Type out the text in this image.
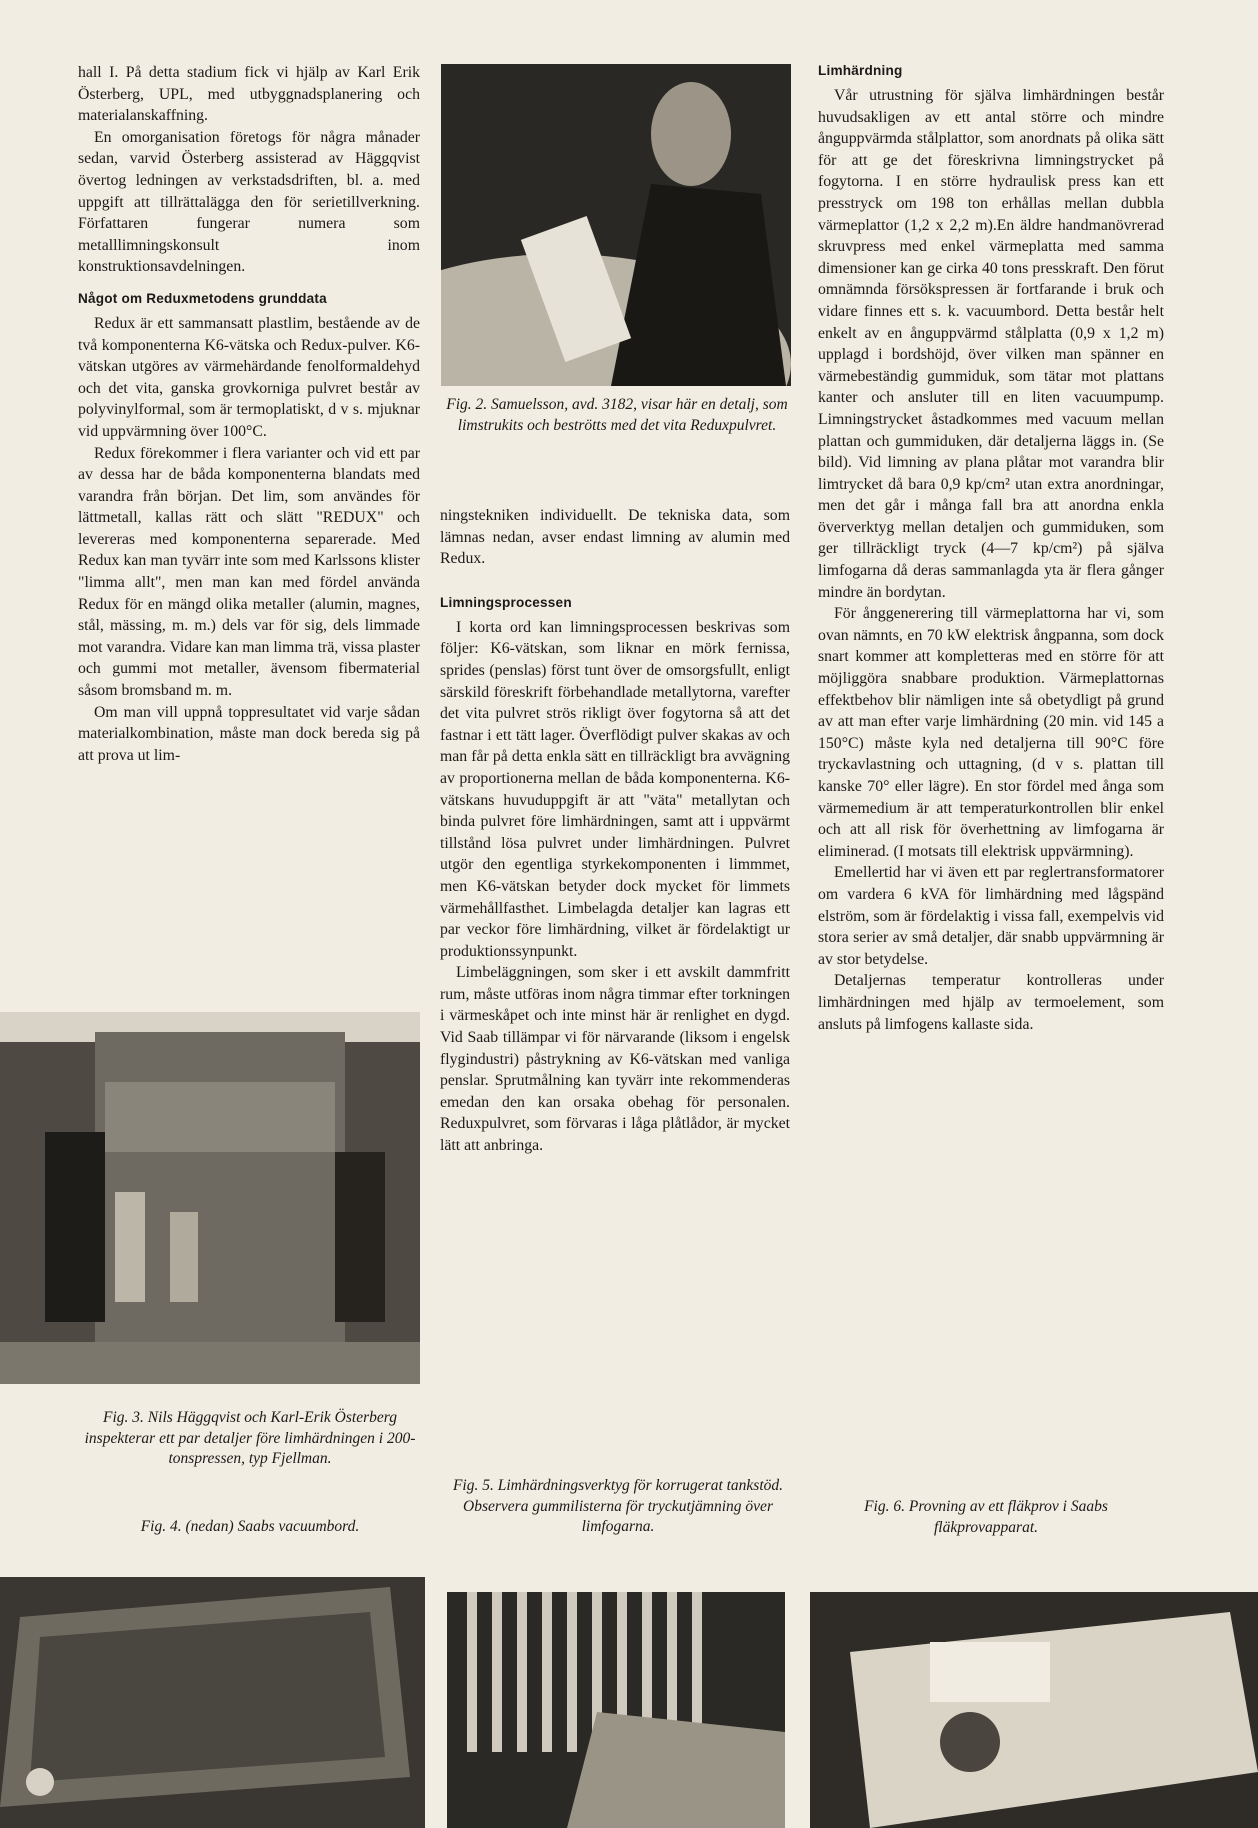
hall I. På detta stadium fick vi hjälp av Karl Erik Österberg, UPL, med utbyggnadsplanering och materialanskaffning.

En omorganisation företogs för några månader sedan, varvid Österberg assisterad av Häggqvist övertog ledningen av verkstadsdriften, bl. a. med uppgift att tillrättalägga den för serietillverkning. Författaren fungerar numera som metalllimningskonsult inom konstruktionsavdelningen.

Något om Reduxmetodens grunddata

Redux är ett sammansatt plastlim, bestående av de två komponenterna K6-vätska och Redux-pulver. K6-vätskan utgöres av värmehärdande fenolformaldehyd och det vita, ganska grovkorniga pulvret består av polyvinylformal, som är termoplatiskt, d v s. mjuknar vid uppvärmning över 100°C.

Redux förekommer i flera varianter och vid ett par av dessa har de båda komponenterna blandats med varandra från början. Det lim, som användes för lättmetall, kallas rätt och slätt "REDUX" och levereras med komponenterna separerade. Med Redux kan man tyvärr inte som med Karlssons klister "limma allt", men man kan med fördel använda Redux för en mängd olika metaller (alumin, magnes, stål, mässing, m. m.) dels var för sig, dels limmade mot varandra. Vidare kan man limma trä, vissa plaster och gummi mot metaller, ävensom fibermaterial såsom bromsband m. m.

Om man vill uppnå toppresultatet vid varje sådan materialkombination, måste man dock bereda sig på att prova ut lim-

Fig. 2. Samuelsson, avd. 3182, visar här en detalj, som limstrukits och beströtts med det vita Reduxpulvret.

ningstekniken individuellt. De tekniska data, som lämnas nedan, avser endast limning av alumin med Redux.

Limningsprocessen

I korta ord kan limningsprocessen beskrivas som följer: K6-vätskan, som liknar en mörk fernissa, sprides (penslas) först tunt över de omsorgsfullt, enligt särskild föreskrift förbehandlade metallytorna, varefter det vita pulvret strös rikligt över fogytorna så att det fastnar i ett tätt lager. Överflödigt pulver skakas av och man får på detta enkla sätt en tillräckligt bra avvägning av proportionerna mellan de båda komponenterna. K6-vätskans huvuduppgift är att "väta" metallytan och binda pulvret före limhärdningen, samt att i uppvärmt tillstånd lösa pulvret under limhärdningen. Pulvret utgör den egentliga styrkekomponenten i limmmet, men K6-vätskan betyder dock mycket för limmets värmehållfasthet. Limbelagda detaljer kan lagras ett par veckor före limhärdning, vilket är fördelaktigt ur produktionssynpunkt.

Limbeläggningen, som sker i ett avskilt dammfritt rum, måste utföras inom några timmar efter torkningen i värmeskåpet och inte minst här är renlighet en dygd. Vid Saab tillämpar vi för närvarande (liksom i engelsk flygindustri) påstrykning av K6-vätskan med vanliga penslar. Sprutmålning kan tyvärr inte rekommenderas emedan den kan orsaka obehag för personalen. Reduxpulvret, som förvaras i låga plåtlådor, är mycket lätt att anbringa.

Limhärdning

Vår utrustning för själva limhärdningen består huvudsakligen av ett antal större och mindre ånguppvärmda stålplattor, som anordnats på olika sätt för att ge det föreskrivna limningstrycket på fogytorna. I en större hydraulisk press kan ett presstryck om 198 ton erhållas mellan dubbla värmeplattor (1,2 x 2,2 m).En äldre handmanövrerad skruvpress med enkel värmeplatta med samma dimensioner kan ge cirka 40 tons presskraft. Den förut omnämnda försökspressen är fortfarande i bruk och vidare finnes ett s. k. vacuumbord. Detta består helt enkelt av en ånguppvärmd stålplatta (0,9 x 1,2 m) upplagd i bordshöjd, över vilken man spänner en värmebeständig gummiduk, som tätar mot plattans kanter och ansluter till en liten vacuumpump. Limningstrycket åstadkommes med vacuum mellan plattan och gummiduken, där detaljerna läggs in. (Se bild). Vid limning av plana plåtar mot varandra blir limtrycket då bara 0,9 kp/cm² utan extra anordningar, men det går i många fall bra att anordna enkla öververktyg mellan detaljen och gummiduken, som ger tillräckligt tryck (4—7 kp/cm²) på själva limfogarna då deras sammanlagda yta är flera gånger mindre än bordytan.

För ånggenerering till värmeplattorna har vi, som ovan nämnts, en 70 kW elektrisk ångpanna, som dock snart kommer att kompletteras med en större för att möjliggöra snabbare produktion. Värmeplattornas effektbehov blir nämligen inte så obetydligt på grund av att man efter varje limhärdning (20 min. vid 145 a 150°C) måste kyla ned detaljerna till 90°C före tryckavlastning och uttagning, (d v s. plattan till kanske 70° eller lägre). En stor fördel med ånga som värmemedium är att temperaturkontrollen blir enkel och att all risk för överhettning av limfogarna är eliminerad. (I motsats till elektrisk uppvärmning).

Emellertid har vi även ett par reglertransformatorer om vardera 6 kVA för limhärdning med lågspänd elström, som är fördelaktig i vissa fall, exempelvis vid stora serier av små detaljer, där snabb uppvärmning är av stor betydelse.

Detaljernas temperatur kontrolleras under limhärdningen med hjälp av termoelement, som ansluts på limfogens kallaste sida.

Fig. 3. Nils Häggqvist och Karl-Erik Österberg inspekterar ett par detaljer före limhärdningen i 200-tonspressen, typ Fjellman.
Fig. 4. (nedan) Saabs vacuumbord.
Fig. 5. Limhärdningsverktyg för korrugerat tankstöd. Observera gummilisterna för tryckutjämning över limfogarna.
Fig. 6. Provning av ett fläkprov i Saabs fläkprovapparat.
